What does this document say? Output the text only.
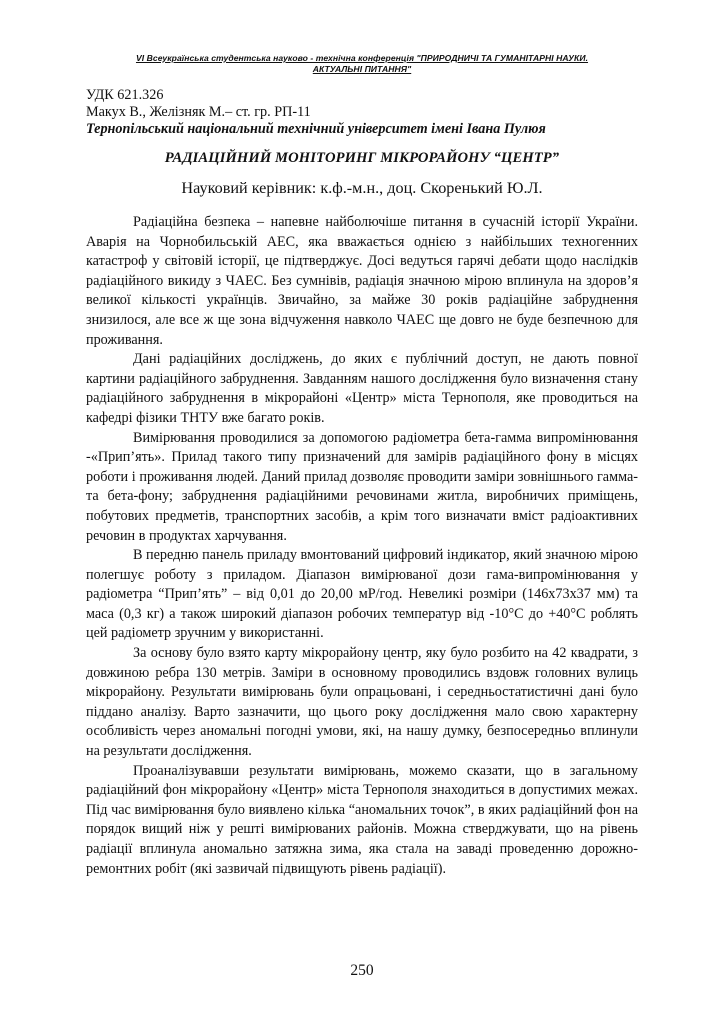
VI Всеукраїнська студентська науково - технічна конференція "ПРИРОДНИЧІ ТА ГУМАНІТАРНІ НАУКИ.
АКТУАЛЬНІ ПИТАННЯ"
УДК 621.326
Макух В., Желізняк М.– ст. гр. РП-11
Тернопільський національний технічний університет імені Івана Пулюя
РАДІАЦІЙНИЙ МОНІТОРИНГ МІКРОРАЙОНУ “ЦЕНТР”
Науковий керівник: к.ф.-м.н., доц. Скоренький Ю.Л.

Радіаційна безпека – напевне найболючіше питання в сучасній історії України. Аварія на Чорнобильській АЕС, яка вважається однією з найбільших техногенних катастроф у світовій історії, це підтверджує. Досі ведуться гарячі дебати щодо наслідків радіаційного викиду з ЧАЕС. Без сумнівів, радіація значною мірою вплинула на здоров’я великої кількості українців. Звичайно, за майже 30 років радіаційне забруднення знизилося, але все ж ще зона відчуження навколо ЧАЕС ще довго не буде безпечною для проживання.

Дані радіаційних досліджень, до яких є публічний доступ, не дають повної картини радіаційного забруднення. Завданням нашого дослідження було визначення стану радіаційного забруднення в мікрорайоні «Центр» міста Тернополя, яке проводиться на кафедрі фізики ТНТУ вже багато років.

Вимірювання проводилися за допомогою радіометра бета-гамма випромінювання -«Прип’ять». Прилад такого типу призначений для замірів радіаційного фону в місцях роботи і проживання людей. Даний прилад дозволяє проводити заміри зовнішнього гамма- та бета-фону; забруднення радіаційними речовинами житла, виробничих приміщень, побутових предметів, транспортних засобів, а крім того визначати вміст радіоактивних речовин в продуктах харчування.

В передню панель приладу вмонтований цифровий індикатор, який значною мірою полегшує роботу з приладом. Діапазон вимірюваної дози гама-випромінювання у радіометра “Прип’ять” – від 0,01 до 20,00 мР/год. Невеликі розміри (146х73х37 мм) та маса (0,3 кг) а також широкий діапазон робочих температур від -10°С до +40°С роблять цей радіометр зручним у використанні.

За основу було взято карту мікрорайону центр, яку було розбито на 42 квадрати, з довжиною ребра 130 метрів. Заміри в основному проводились вздовж головних вулиць мікрорайону. Результати вимірювань були опрацьовані, і середньостатистичні дані було піддано аналізу. Варто зазначити, що цього року дослідження мало свою характерну особливість через аномальні погодні умови, які, на нашу думку, безпосередньо вплинули на результати дослідження.

Проаналізувавши результати вимірювань, можемо сказати, що в загальному радіаційний фон мікрорайону «Центр» міста Тернополя знаходиться в допустимих межах. Під час вимірювання було виявлено кілька “аномальних точок”, в яких радіаційний фон на порядок вищий ніж у решті вимірюваних районів. Можна стверджувати, що на рівень радіації вплинула аномально затяжна зима, яка стала на заваді проведенню дорожно-ремонтних робіт (які зазвичай підвищують рівень радіації).

250
